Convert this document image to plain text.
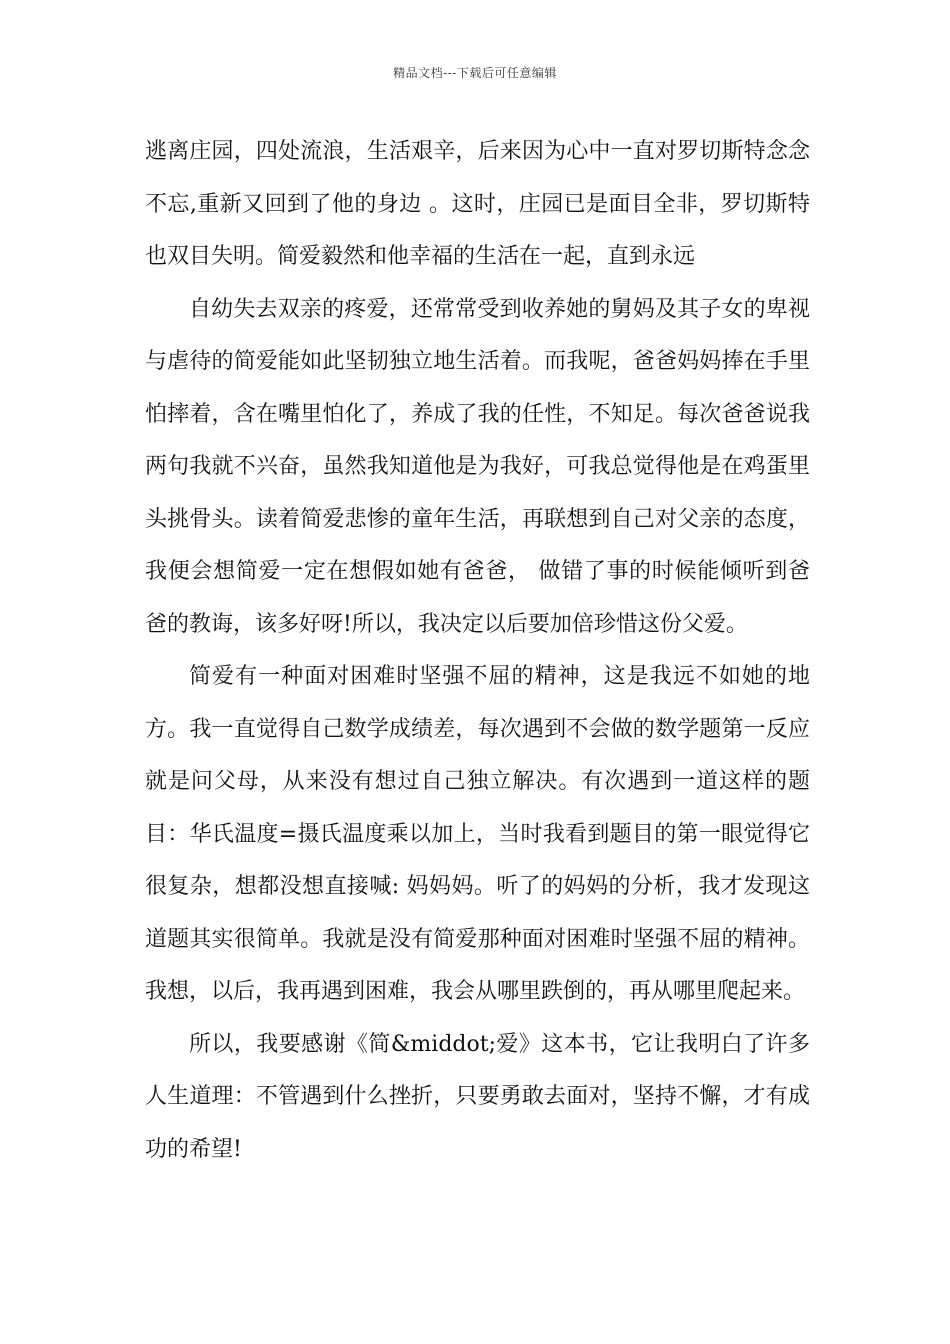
精品文档---下载后可任意编辑

逃离庄园，四处流浪，生活艰辛，后来因为心中一直对罗切斯特念念不忘,重新又回到了他的身边 。这时，庄园已是面目全非，罗切斯特也双目失明。简爱毅然和他幸福的生活在一起，直到永远

自幼失去双亲的疼爱，还常常受到收养她的舅妈及其子女的卑视与虐待的简爱能如此坚韧独立地生活着。而我呢，爸爸妈妈捧在手里怕摔着，含在嘴里怕化了，养成了我的任性，不知足。每次爸爸说我两句我就不兴奋，虽然我知道他是为我好，可我总觉得他是在鸡蛋里头挑骨头。读着简爱悲惨的童年生活，再联想到自己对父亲的态度，我便会想简爱一定在想假如她有爸爸， 做错了事的时候能倾听到爸爸的教诲，该多好呀!所以，我决定以后要加倍珍惜这份父爱。

简爱有一种面对困难时坚强不屈的精神，这是我远不如她的地方。我一直觉得自己数学成绩差，每次遇到不会做的数学题第一反应就是问父母，从来没有想过自己独立解决。有次遇到一道这样的题目：华氏温度=摄氏温度乘以加上，当时我看到题目的第一眼觉得它很复杂，想都没想直接喊: 妈妈妈。听了的妈妈的分析，我才发现这道题其实很简单。我就是没有简爱那种面对困难时坚强不屈的精神。我想，以后，我再遇到困难，我会从哪里跌倒的，再从哪里爬起来。

所以，我要感谢《简&middot;爱》这本书，它让我明白了许多人生道理：不管遇到什么挫折，只要勇敢去面对，坚持不懈，才有成功的希望!
